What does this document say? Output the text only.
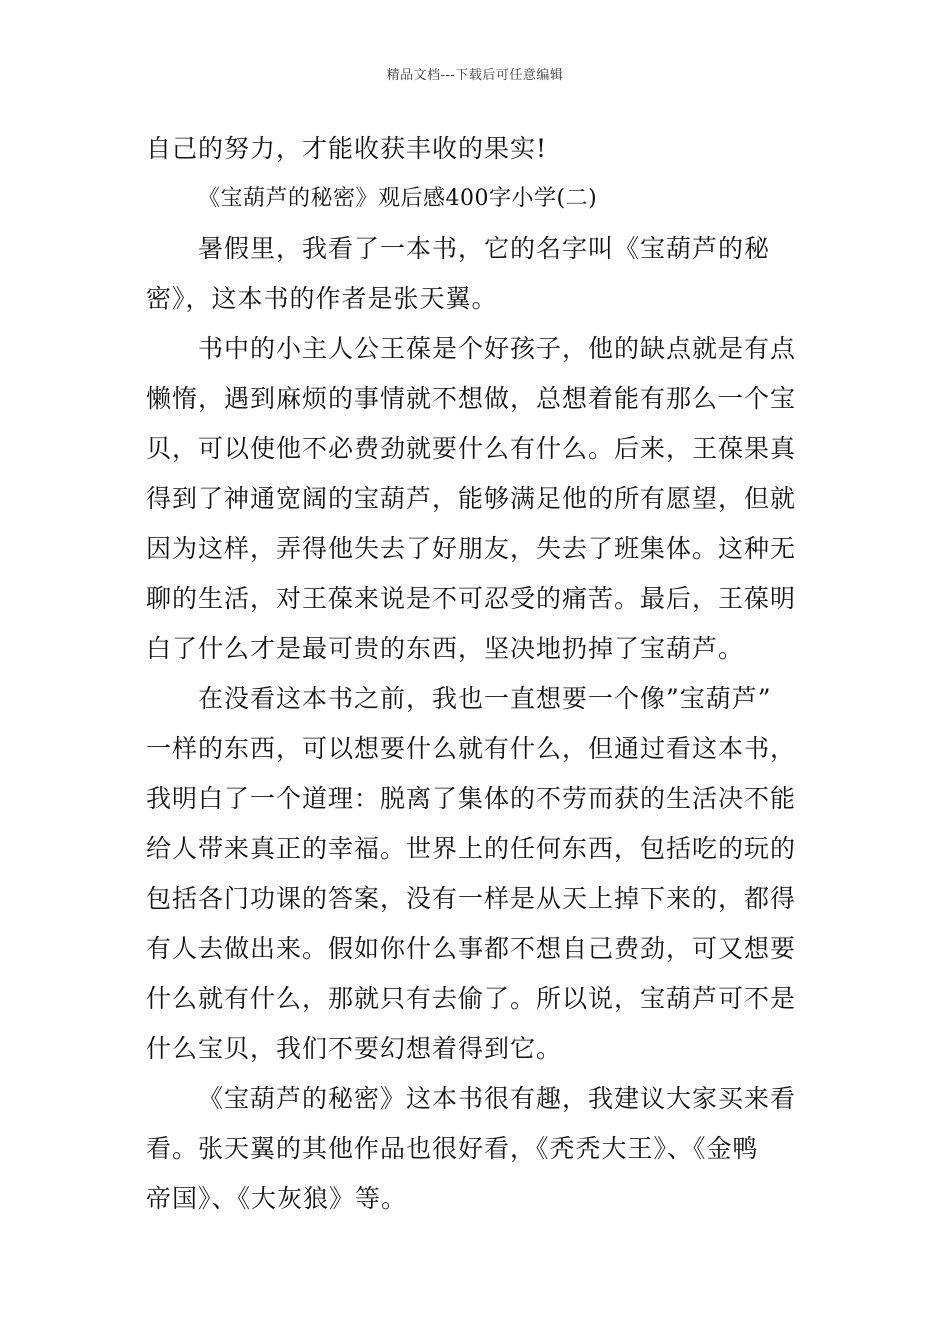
精品文档---下载后可任意编辑
自己的努力，才能收获丰收的果实!
《宝葫芦的秘密》观后感400字小学(二)
暑假里，我看了一本书，它的名字叫《宝葫芦的秘
密》，这本书的作者是张天翼。
书中的小主人公王葆是个好孩子，他的缺点就是有点
懒惰，遇到麻烦的事情就不想做，总想着能有那么一个宝
贝，可以使他不必费劲就要什么有什么。后来，王葆果真
得到了神通宽阔的宝葫芦，能够满足他的所有愿望，但就
因为这样，弄得他失去了好朋友，失去了班集体。这种无
聊的生活，对王葆来说是不可忍受的痛苦。最后，王葆明
白了什么才是最可贵的东西，坚决地扔掉了宝葫芦。
在没看这本书之前，我也一直想要一个像”宝葫芦”
一样的东西，可以想要什么就有什么，但通过看这本书，
我明白了一个道理：脱离了集体的不劳而获的生活决不能
给人带来真正的幸福。世界上的任何东西，包括吃的玩的
包括各门功课的答案，没有一样是从天上掉下来的，都得
有人去做出来。假如你什么事都不想自己费劲，可又想要
什么就有什么，那就只有去偷了。所以说，宝葫芦可不是
什么宝贝，我们不要幻想着得到它。
《宝葫芦的秘密》这本书很有趣，我建议大家买来看
看。张天翼的其他作品也很好看，《秃秃大王》、《金鸭
帝国》、《大灰狼》等。
